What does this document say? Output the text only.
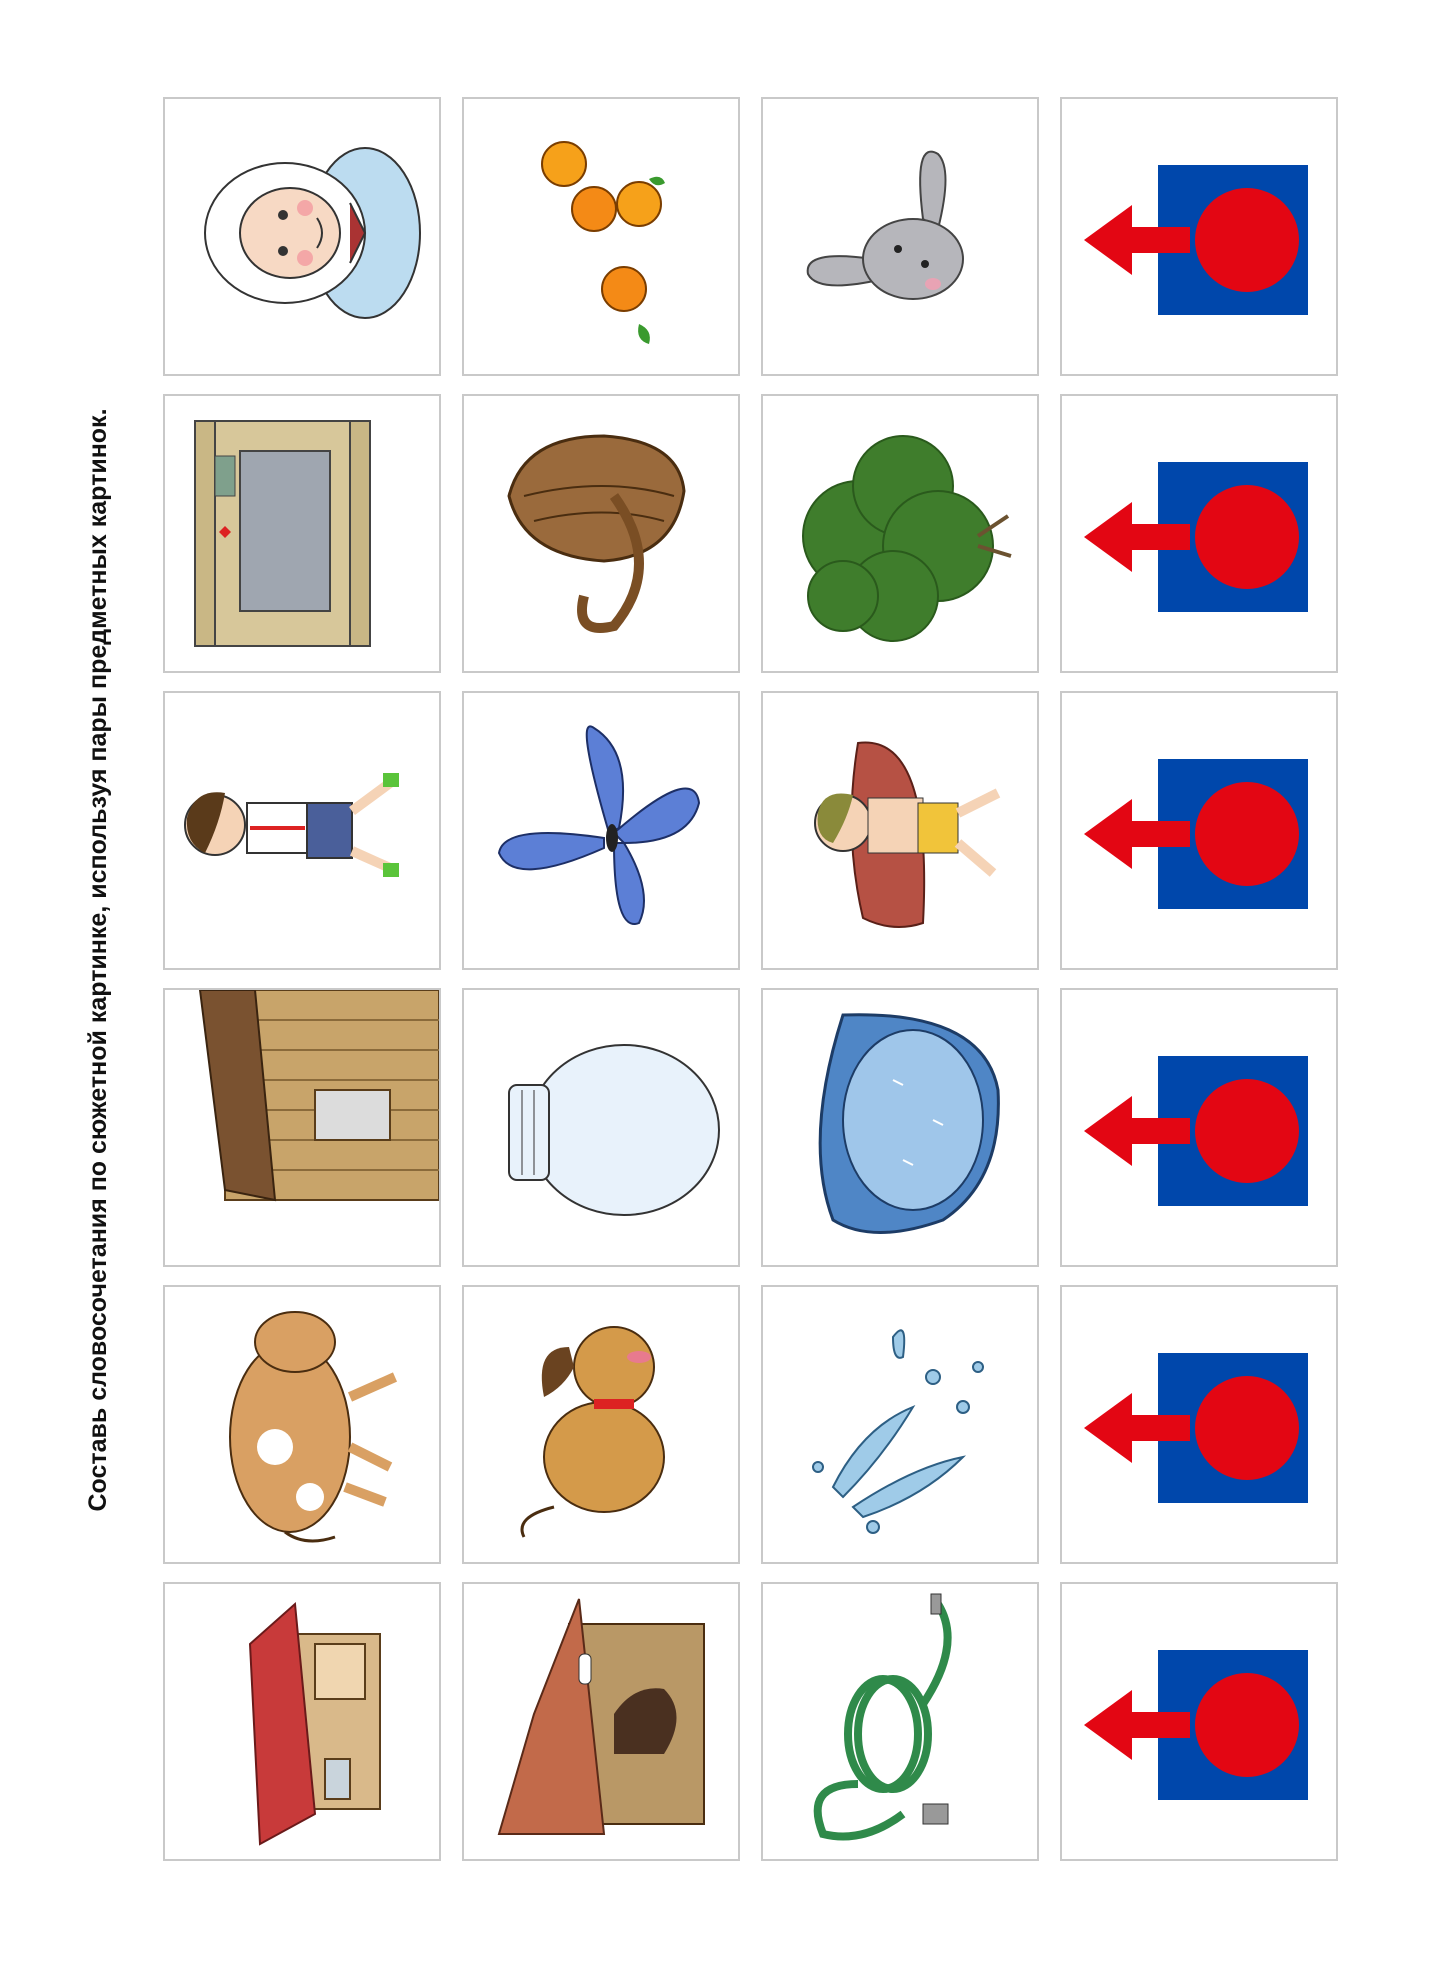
Составь словосочетания по сюжетной картинке, используя пары предметных картинок.
